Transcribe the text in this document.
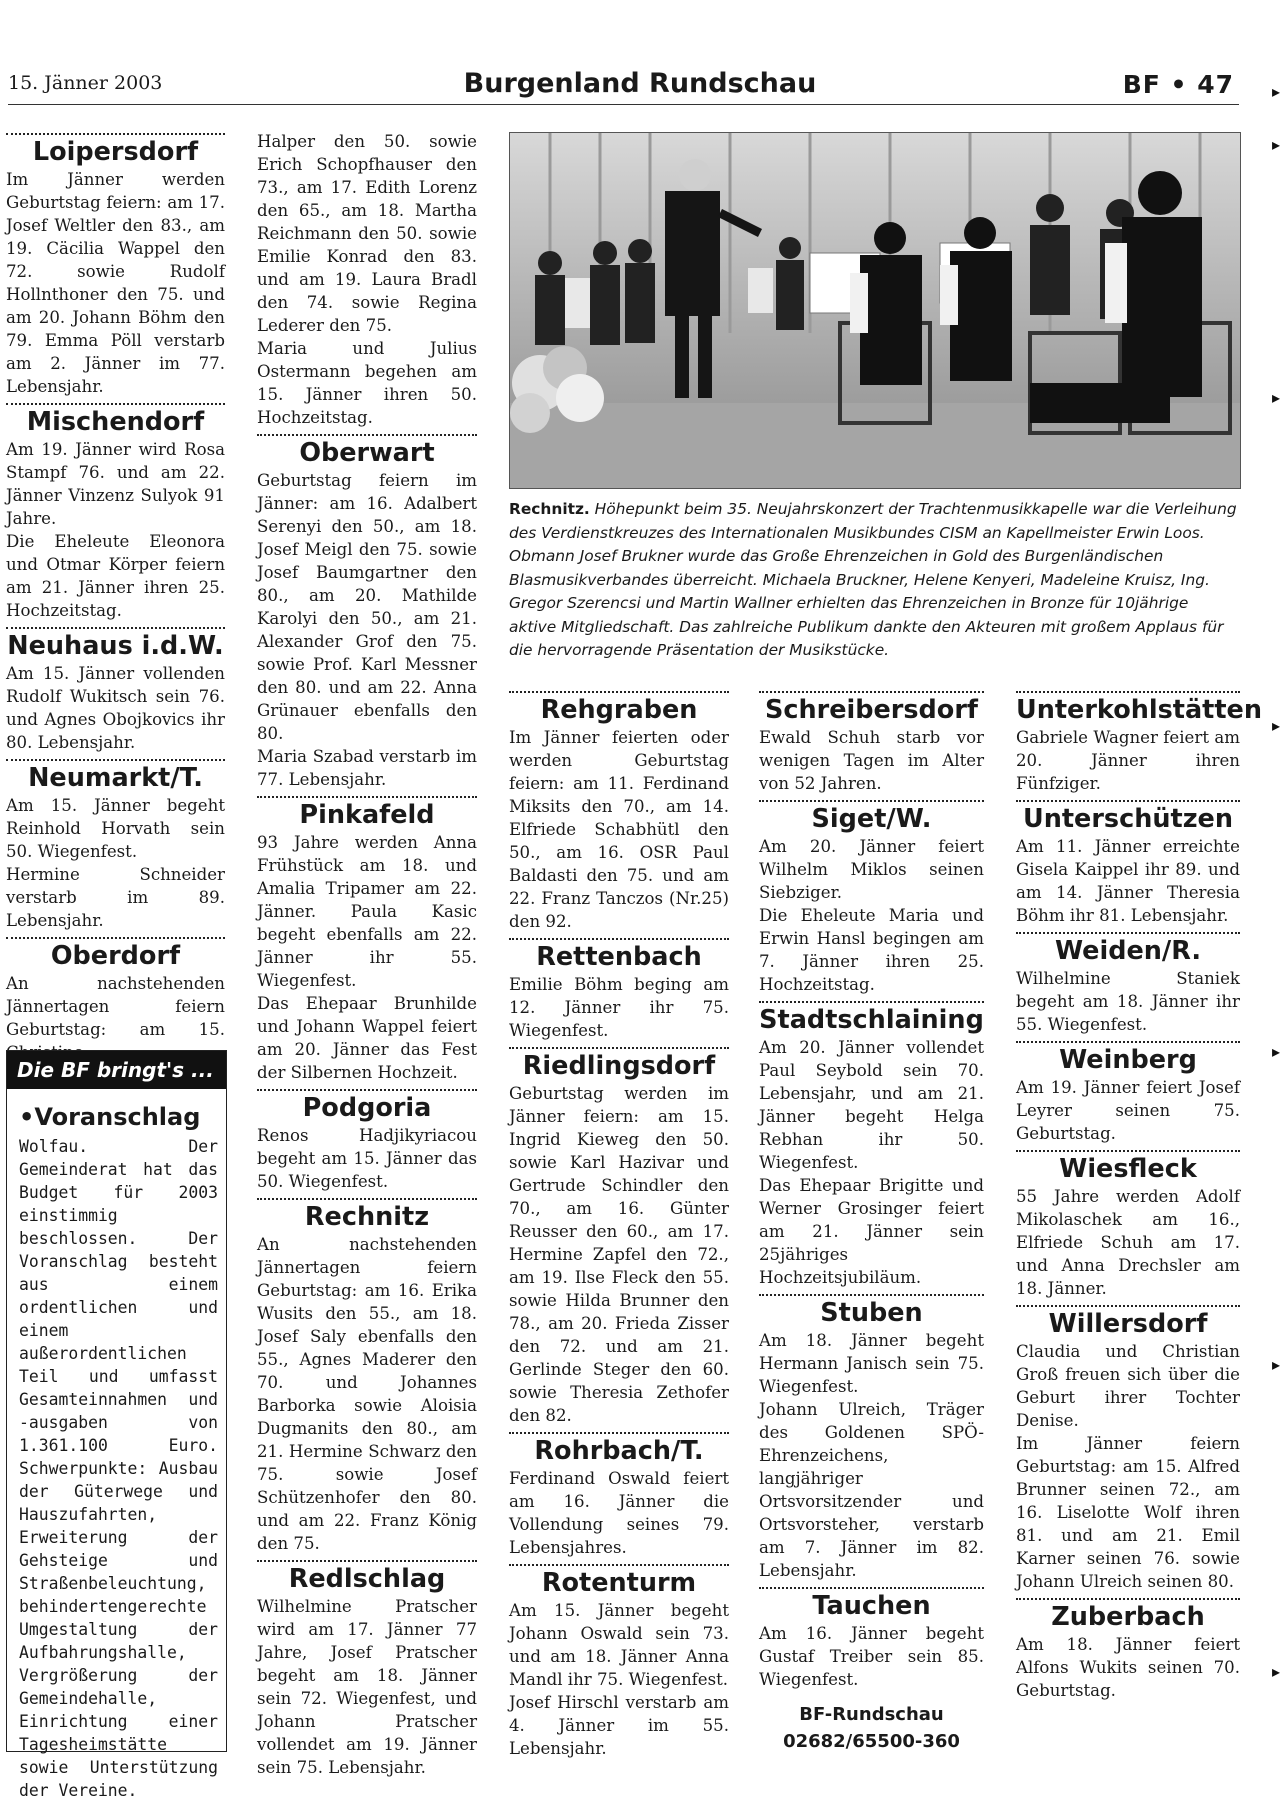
15. Jänner 2003	Burgenland Rundschau	BF • 47
Loipersdorf

Im Jänner werden Geburtstag feiern: am 17. Josef Weltler den 83., am 19. Cäcilia Wappel den 72. sowie Rudolf Hollnthoner den 75. und am 20. Johann Böhm den 79. Emma Pöll verstarb am 2. Jänner im 77. Lebensjahr.

Mischendorf

Am 19. Jänner wird Rosa Stampf 76. und am 22. Jänner Vinzenz Sulyok 91 Jahre.

Die Eheleute Eleonora und Otmar Körper feiern am 21. Jänner ihren 25. Hochzeitstag.

Neuhaus i.d.W.

Am 15. Jänner vollenden Rudolf Wukitsch sein 76. und Agnes Obojkovics ihr 80. Lebensjahr.

Neumarkt/T.

Am 15. Jänner begeht Reinhold Horvath sein 50. Wiegenfest.

Hermine Schneider verstarb im 89. Lebensjahr.

Oberdorf

An nachstehenden Jännertagen feiern Geburtstag: am 15.

Die BF bringt's ...
•Voranschlag

Wolfau. Der Gemeinderat hat das Budget für 2003 einstimmig beschlossen. Der Voranschlag besteht aus einem ordentlichen und einem außerordentlichen Teil und umfasst Gesamteinnahmen und -ausgaben von 1.361.100 Euro. Schwerpunkte: Ausbau der Güterwege und Hauszufahrten, Erweiterung der Gehsteige und Straßenbeleuchtung, behindertengerechte Umgestaltung der Aufbahrungshalle, Vergrößerung der Gemeindehalle, Einrichtung einer Tagesheimstätte sowie Unterstützung der Vereine.

Halper den 50. sowie Erich Schopfhauser den 73., am 17. Edith Lorenz den 65., am 18. Martha Reichmann den 50. sowie Emilie Konrad den 83. und am 19. Laura Bradl den 74. sowie Regina Lederer den 75.

Maria und Julius Ostermann begehen am 15. Jänner ihren 50. Hochzeitstag.

Oberwart

Geburtstag feiern im Jänner: am 16. Adalbert Serenyi den 50., am 18. Josef Meigl den 75. sowie Josef Baumgartner den 80., am 20. Mathilde Karolyi den 50., am 21. Alexander Grof den 75. sowie Prof. Karl Messner den 80. und am 22. Anna Grünauer ebenfalls den 80.

Maria Szabad verstarb im 77. Lebensjahr.

Pinkafeld

93 Jahre werden Anna Frühstück am 18. und Amalia Tripamer am 22. Jänner. Paula Kasic begeht ebenfalls am 22. Jänner ihr 55. Wiegenfest.

Das Ehepaar Brunhilde und Johann Wappel feiert am 20. Jänner das Fest der Silbernen Hochzeit.

Podgoria

Renos Hadjikyriacou begeht am 15. Jänner das 50. Wiegenfest.

Rechnitz

An nachstehenden Jännertagen feiern Geburtstag: am 16. Erika Wusits den 55., am 18. Josef Saly ebenfalls den 55., Agnes Maderer den 70. und Johannes Barborka sowie Aloisia Dugmanits den 80., am 21. Hermine Schwarz den 75. sowie Josef Schützenhofer den 80. und am 22. Franz König den 75.

Redlschlag

Wilhelmine Pratscher wird am 17. Jänner 77 Jahre, Josef Pratscher begeht am 18. Jänner sein 72. Wiegenfest, und Johann Pratscher vollendet am 19. Jänner sein 75. Lebensjahr.

Rechnitz. Höhepunkt beim 35. Neujahrskonzert der Trachtenmusikkapelle war die Verleihung des Verdienstkreuzes des Internationalen Musikbundes CISM an Kapellmeister Erwin Loos. Obmann Josef Brukner wurde das Große Ehrenzeichen in Gold des Burgenländischen Blasmusikverbandes überreicht. Michaela Bruckner, Helene Kenyeri, Madeleine Kruisz, Ing. Gregor Szerencsi und Martin Wallner erhielten das Ehrenzeichen in Bronze für 10jährige aktive Mitgliedschaft. Das zahlreiche Publikum dankte den Akteuren mit großem Applaus für die hervorragende Präsentation der Musikstücke.
Rehgraben

Im Jänner feierten oder werden Geburtstag feiern: am 11. Ferdinand Miksits den 70., am 14. Elfriede Schabhütl den 50., am 16. OSR Paul Baldasti den 75. und am 22. Franz Tanczos (Nr.25) den 92.

Rettenbach

Emilie Böhm beging am 12. Jänner ihr 75. Wiegenfest.

Riedlingsdorf

Geburtstag werden im Jänner feiern: am 15. Ingrid Kieweg den 50. sowie Karl Hazivar und Gertrude Schindler den 70., am 16. Günter Reusser den 60., am 17. Hermine Zapfel den 72., am 19. Ilse Fleck den 55. sowie Hilda Brunner den 78., am 20. Frieda Zisser den 72. und am 21. Gerlinde Steger den 60. sowie Theresia Zethofer den 82.

Rohrbach/T.

Ferdinand Oswald feiert am 16. Jänner die Vollendung seines 79. Lebensjahres.

Rotenturm

Am 15. Jänner begeht Johann Oswald sein 73. und am 18. Jänner Anna Mandl ihr 75. Wiegenfest.

Josef Hirschl verstarb am 4. Jänner im 55. Lebensjahr.

Schreibersdorf

Ewald Schuh starb vor wenigen Tagen im Alter von 52 Jahren.

Siget/W.

Am 20. Jänner feiert Wilhelm Miklos seinen Siebziger.

Die Eheleute Maria und Erwin Hansl begingen am 7. Jänner ihren 25. Hochzeitstag.

Stadtschlaining

Am 20. Jänner vollendet Paul Seybold sein 70. Lebensjahr, und am 21. Jänner begeht Helga Rebhan ihr 50. Wiegenfest.

Das Ehepaar Brigitte und Werner Grosinger feiert am 21. Jänner sein 25jähriges Hochzeitsjubiläum.

Stuben

Am 18. Jänner begeht Hermann Janisch sein 75. Wiegenfest.

Johann Ulreich, Träger des Goldenen SPÖ-Ehrenzeichens, langjähriger Ortsvorsitzender und Ortsvorsteher, verstarb am 7. Jänner im 82. Lebensjahr.

Tauchen

Am 16. Jänner begeht Gustaf Treiber sein 85. Wiegenfest.

BF-Rundschau
02682/65500-360
Unterkohlstätten

Gabriele Wagner feiert am 20. Jänner ihren Fünfziger.

Unterschützen

Am 11. Jänner erreichte Gisela Kaippel ihr 89. und am 14. Jänner Theresia Böhm ihr 81. Lebensjahr.

Weiden/R.

Wilhelmine Staniek begeht am 18. Jänner ihr 55. Wiegenfest.

Weinberg

Am 19. Jänner feiert Josef Leyrer seinen 75. Geburtstag.

Wiesfleck

55 Jahre werden Adolf Mikolaschek am 16., Elfriede Schuh am 17. und Anna Drechsler am 18. Jänner.

Willersdorf

Claudia und Christian Groß freuen sich über die Geburt ihrer Tochter Denise.

Im Jänner feiern Geburtstag: am 15. Alfred Brunner seinen 72., am 16. Liselotte Wolf ihren 81. und am 21. Emil Karner seinen 76. sowie Johann Ulreich seinen 80.

Zuberbach

Am 18. Jänner feiert Alfons Wukits seinen 70. Geburtstag.

▸
▸
▸
▸
▸
▸
▸
